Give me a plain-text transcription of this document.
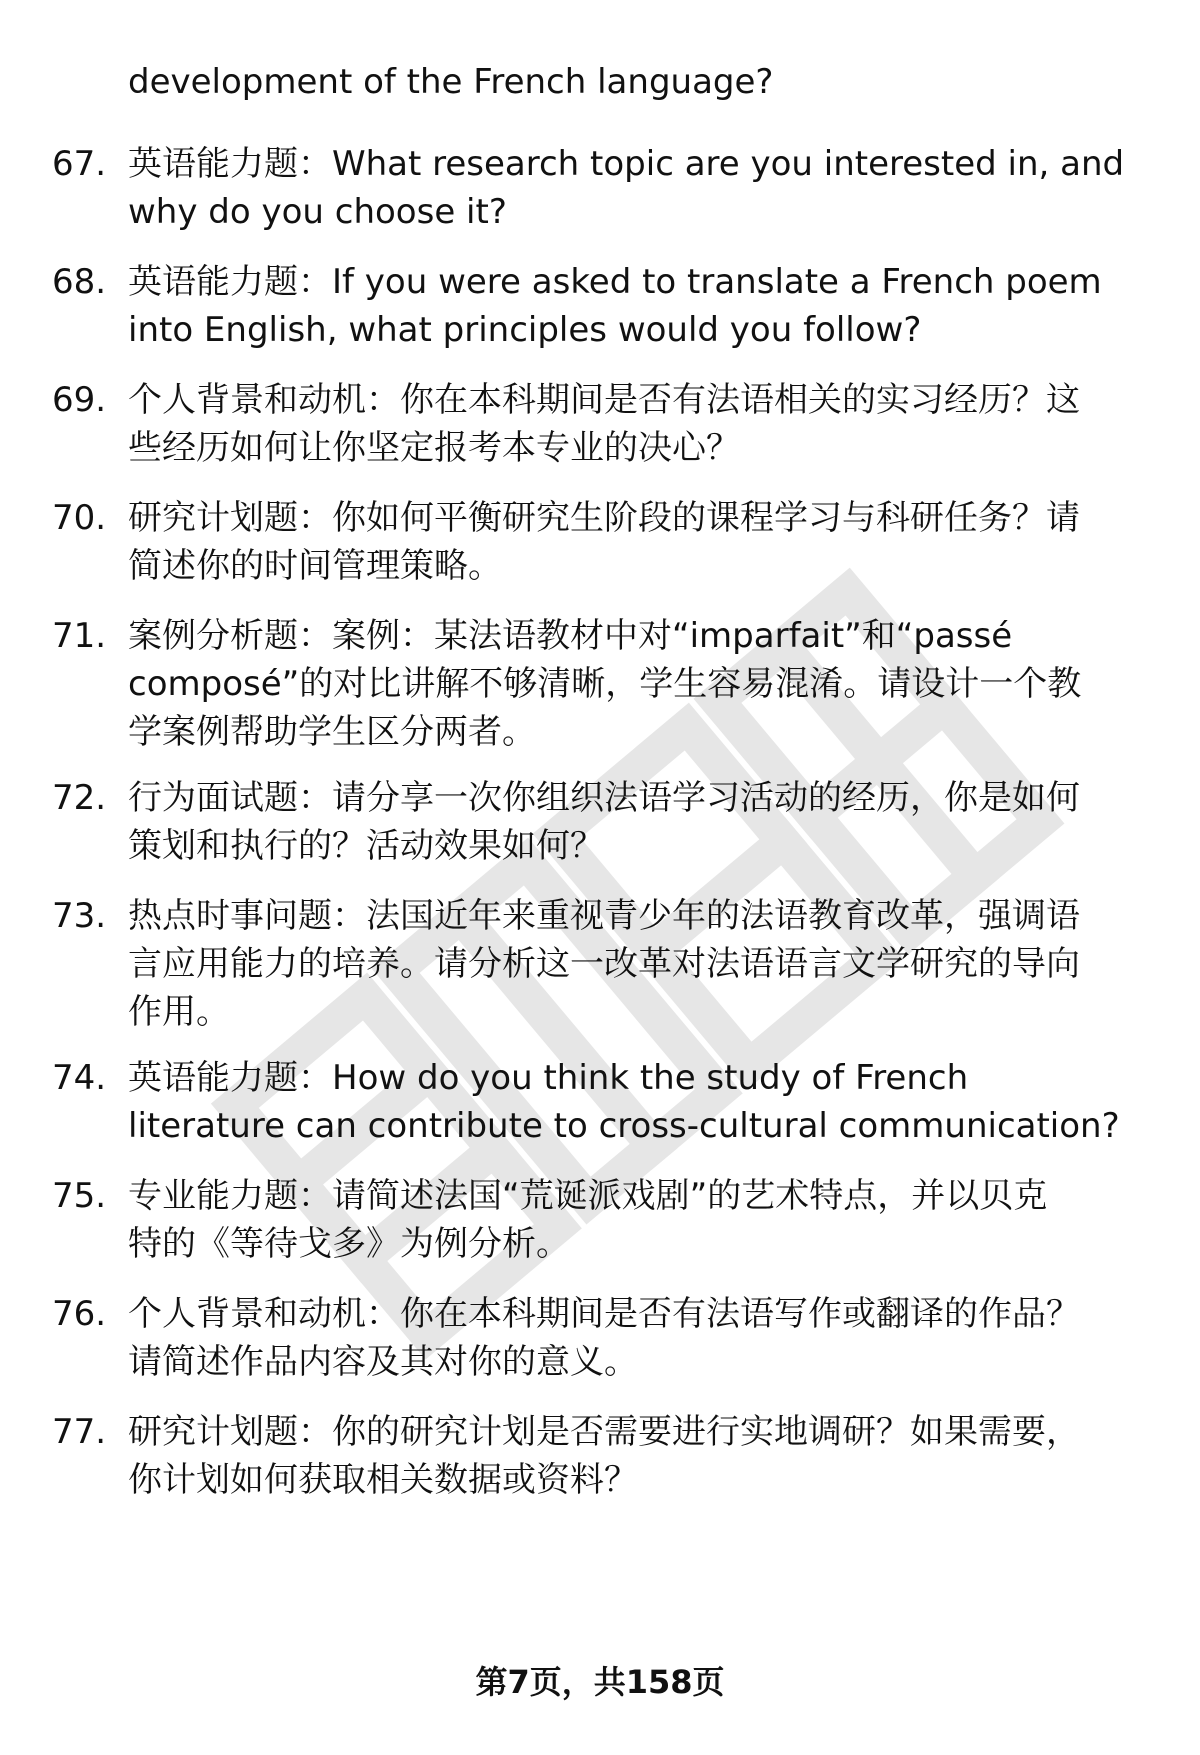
development of the French language?
67. 英语能力题：What research topic are you interested in, and
why do you choose it?
68. 英语能力题：If you were asked to translate a French poem
into English, what principles would you follow?
69. 个人背景和动机：你在本科期间是否有法语相关的实习经历？这
些经历如何让你坚定报考本专业的决心？
70. 研究计划题：你如何平衡研究生阶段的课程学习与科研任务？请
简述你的时间管理策略。
71. 案例分析题：案例：某法语教材中对“imparfait”和“passé
composé”的对比讲解不够清晰，学生容易混淆。请设计一个教
学案例帮助学生区分两者。
72. 行为面试题：请分享一次你组织法语学习活动的经历，你是如何
策划和执行的？活动效果如何？
73. 热点时事问题：法国近年来重视青少年的法语教育改革，强调语
言应用能力的培养。请分析这一改革对法语语言文学研究的导向
作用。
74. 英语能力题：How do you think the study of French
literature can contribute to cross-cultural communication?
75. 专业能力题：请简述法国“荒诞派戏剧”的艺术特点，并以贝克
特的《等待戈多》为例分析。
76. 个人背景和动机：你在本科期间是否有法语写作或翻译的作品？
请简述作品内容及其对你的意义。
77. 研究计划题：你的研究计划是否需要进行实地调研？如果需要，
你计划如何获取相关数据或资料？
第7页，共158页
